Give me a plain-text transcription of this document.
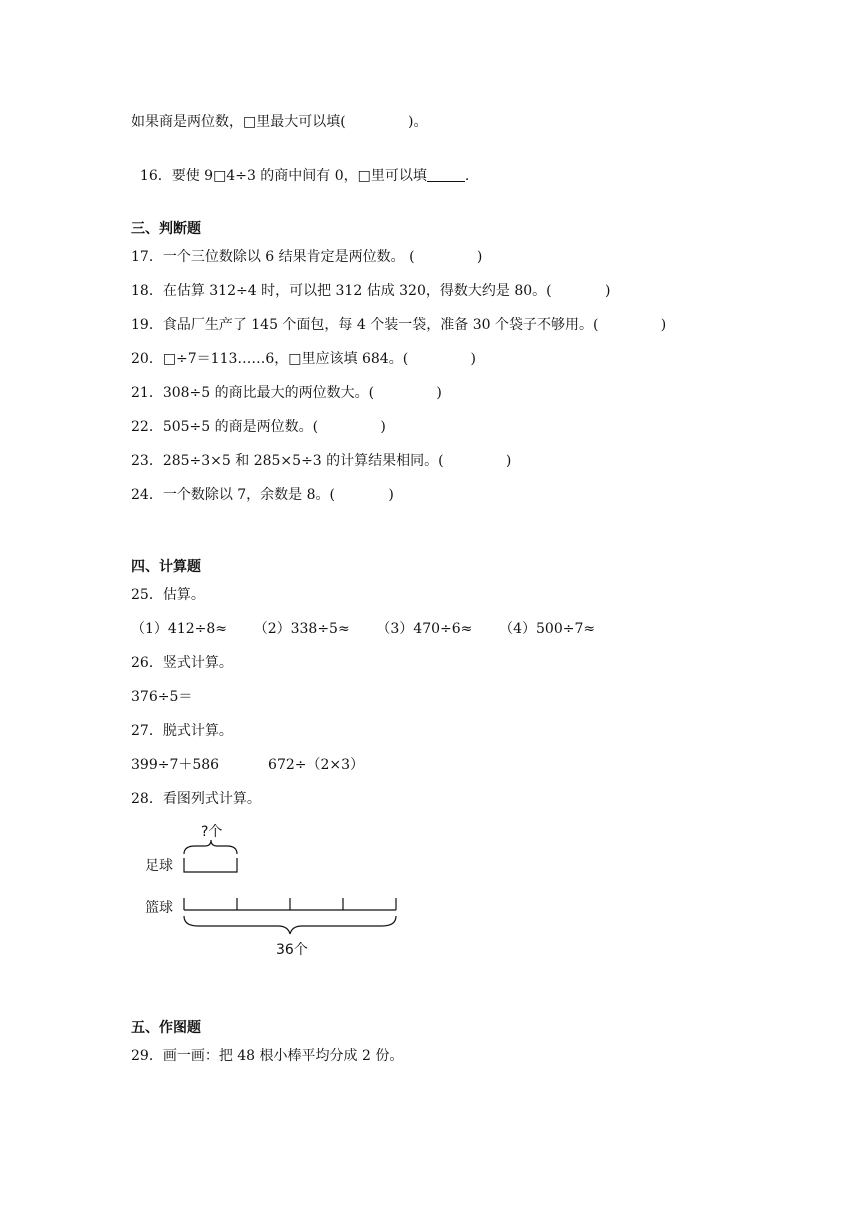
如果商是两位数，□里最大可以填(              )。

16．要使 9□4÷3 的商中间有 0，□里可以填	.

三、判断题
17．一个三位数除以 6 结果肯定是两位数。 (              )
18．在估算 312÷4 时，可以把 312 估成 320，得数大约是 80。(            )
19．食品厂生产了 145 个面包，每 4 个装一袋，准备 30 个袋子不够用。(              )
20．□÷7＝113……6，□里应该填 684。(              )
21．308÷5 的商比最大的两位数大。(              )
22．505÷5 的商是两位数。(              )
23．285÷3×5 和 285×5÷3 的计算结果相同。(              )
24．一个数除以 7，余数是 8。(            )
四、计算题
25．估算。
（1）412÷8≈      （2）338÷5≈      （3）470÷6≈      （4）500÷7≈
26．竖式计算。
376÷5＝
27．脱式计算。
399÷7＋586           672÷（2×3）
28．看图列式计算。
?个
足球
篮球
36个
五、作图题
29．画一画：把 48 根小棒平均分成 2 份。
